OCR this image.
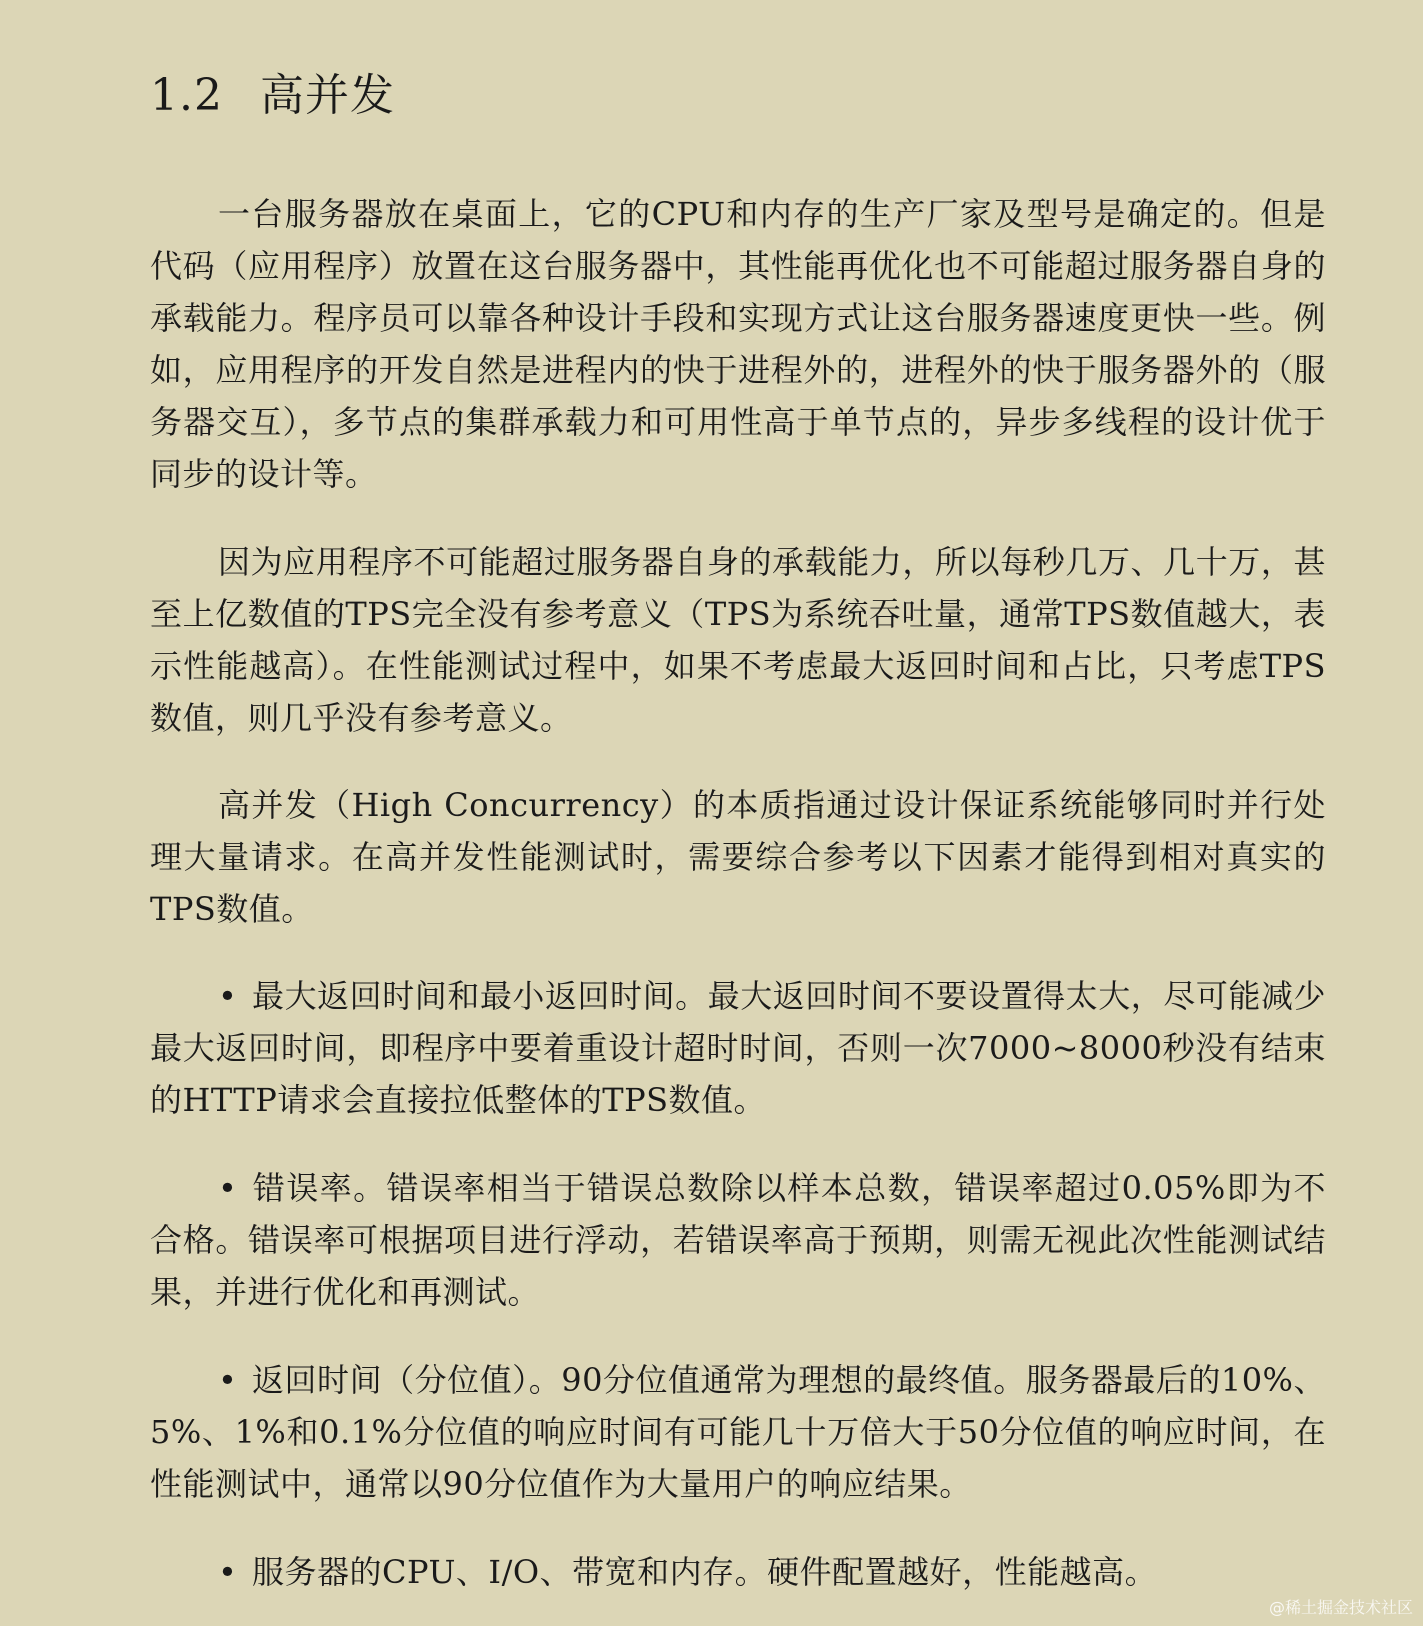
1.2 高并发
一台服务器放在桌面上，它的CPU和内存的生产厂家及型号是确定的。但是代码（应用程序）放置在这台服务器中，其性能再优化也不可能超过服务器自身的承载能力。程序员可以靠各种设计手段和实现方式让这台服务器速度更快一些。例如，应用程序的开发自然是进程内的快于进程外的，进程外的快于服务器外的（服务器交互），多节点的集群承载力和可用性高于单节点的，异步多线程的设计优于同步的设计等。
因为应用程序不可能超过服务器自身的承载能力，所以每秒几万、几十万，甚至上亿数值的TPS完全没有参考意义（TPS为系统吞吐量，通常TPS数值越大，表示性能越高）。在性能测试过程中，如果不考虑最大返回时间和占比，只考虑TPS数值，则几乎没有参考意义。
高并发（High Concurrency）的本质指通过设计保证系统能够同时并行处理大量请求。在高并发性能测试时，需要综合参考以下因素才能得到相对真实的TPS数值。
• 最大返回时间和最小返回时间。最大返回时间不要设置得太大，尽可能减少最大返回时间，即程序中要着重设计超时时间，否则一次7000~8000秒没有结束的HTTP请求会直接拉低整体的TPS数值。
• 错误率。错误率相当于错误总数除以样本总数，错误率超过0.05%即为不合格。错误率可根据项目进行浮动，若错误率高于预期，则需无视此次性能测试结果，并进行优化和再测试。
• 返回时间（分位值）。90分位值通常为理想的最终值。服务器最后的10%、5%、1%和0.1%分位值的响应时间有可能几十万倍大于50分位值的响应时间，在性能测试中，通常以90分位值作为大量用户的响应结果。
• 服务器的CPU、I/O、带宽和内存。硬件配置越好，性能越高。
@稀土掘金技术社区
